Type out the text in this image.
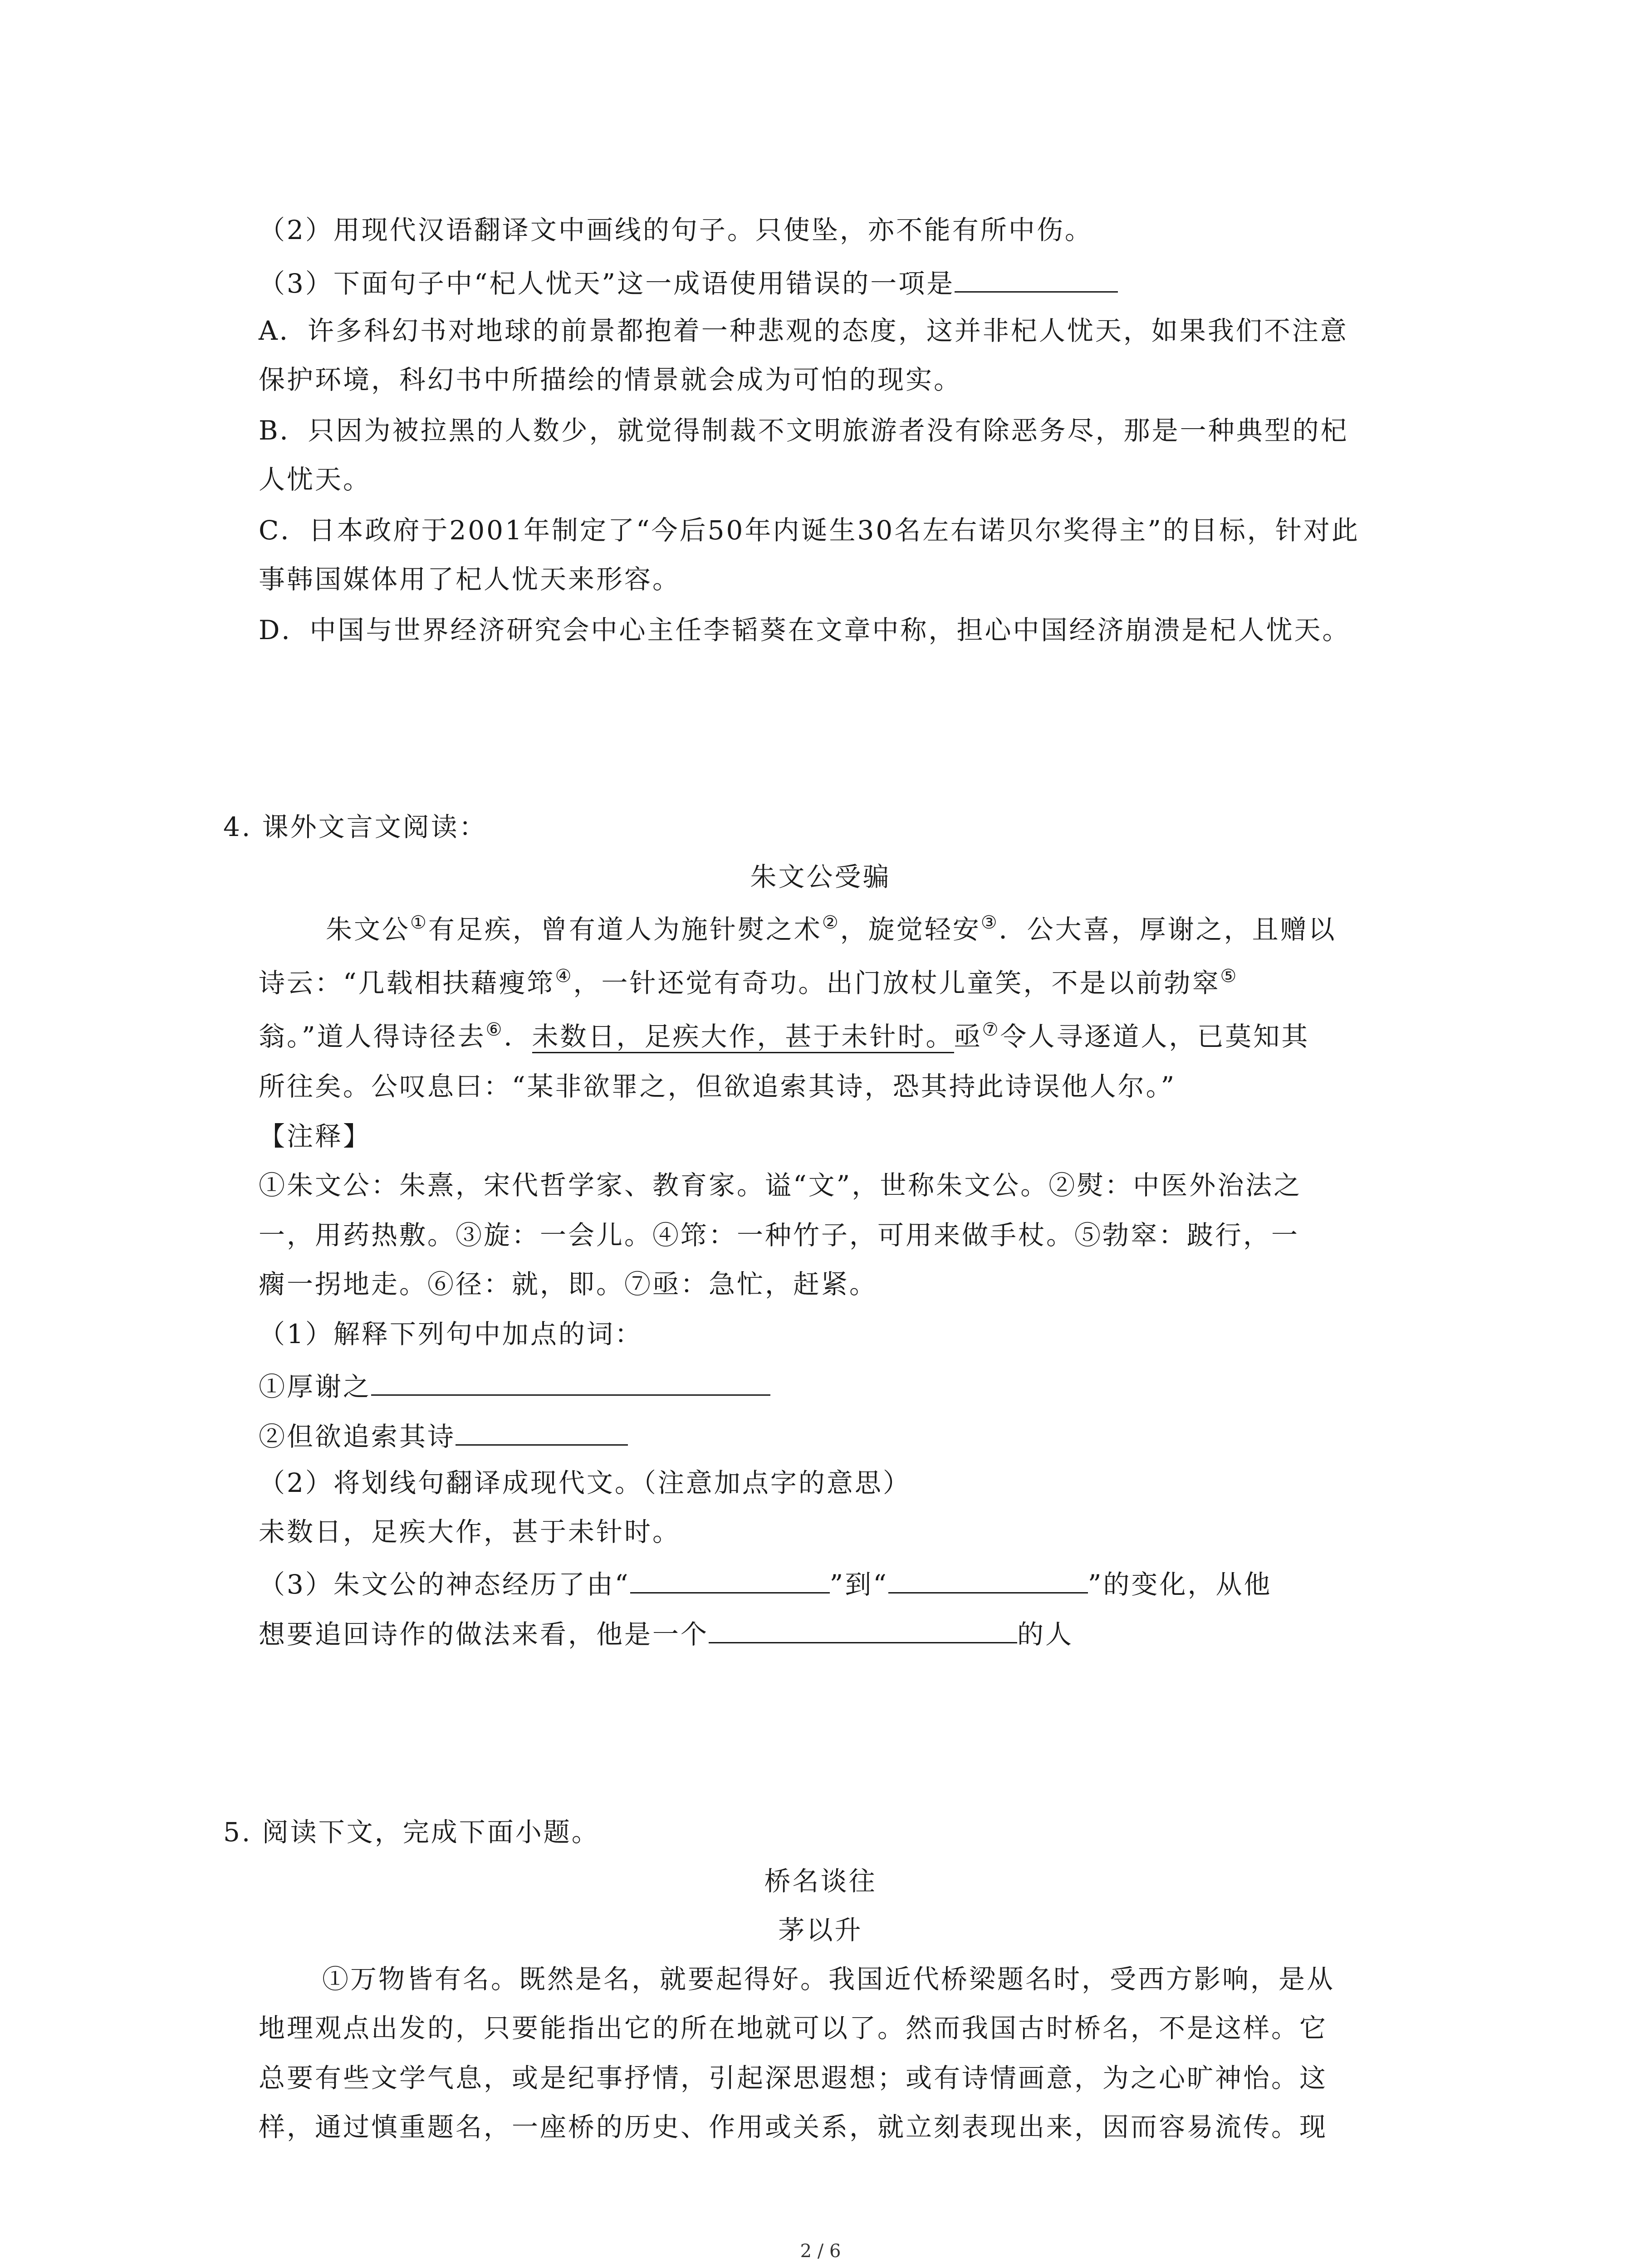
（2）用现代汉语翻译文中画线的句子。只使坠，亦不能有所中伤。
（3）下面句子中“杞人忧天”这一成语使用错误的一项是
A．许多科幻书对地球的前景都抱着一种悲观的态度，这并非杞人忧天，如果我们不注意
保护环境，科幻书中所描绘的情景就会成为可怕的现实。
B．只因为被拉黑的人数少，就觉得制裁不文明旅游者没有除恶务尽，那是一种典型的杞
人忧天。
C．日本政府于2001年制定了“今后50年内诞生30名左右诺贝尔奖得主”的目标，针对此
事韩国媒体用了杞人忧天来形容。
D．中国与世界经济研究会中心主任李韬葵在文章中称，担心中国经济崩溃是杞人忧天。
4. 课外文言文阅读：
朱文公受骗
朱文公①有足疾，曾有道人为施针熨之术②，旋觉轻安③．公大喜，厚谢之，且赠以
诗云：“几载相扶藉瘦筇④，一针还觉有奇功。出门放杖儿童笑，不是以前勃窣⑤
翁。”道人得诗径去⑥．未数日，足疾大作，甚于未针时。亟⑦令人寻逐道人，已莫知其
所往矣。公叹息曰：“某非欲罪之，但欲追索其诗，恐其持此诗误他人尔。”
【注释】
①朱文公：朱熹，宋代哲学家、教育家。谥“文”，世称朱文公。②熨：中医外治法之
一，用药热敷。③旋：一会儿。④筇：一种竹子，可用来做手杖。⑤勃窣：跛行，一
瘸一拐地走。⑥径：就，即。⑦亟：急忙，赶紧。
（1）解释下列句中加点的词：
①厚谢之
②但欲追索其诗
（2）将划线句翻译成现代文。（注意加点字的意思）
未数日，足疾大作，甚于未针时。
（3）朱文公的神态经历了由“	”到“	”的变化，从他
想要追回诗作的做法来看，他是一个	的人
5. 阅读下文，完成下面小题。
桥名谈往
茅以升
①万物皆有名。既然是名，就要起得好。我国近代桥梁题名时，受西方影响，是从
地理观点出发的，只要能指出它的所在地就可以了。然而我国古时桥名，不是这样。它
总要有些文学气息，或是纪事抒情，引起深思遐想；或有诗情画意，为之心旷神怡。这
样，通过慎重题名，一座桥的历史、作用或关系，就立刻表现出来，因而容易流传。现
2 / 6
